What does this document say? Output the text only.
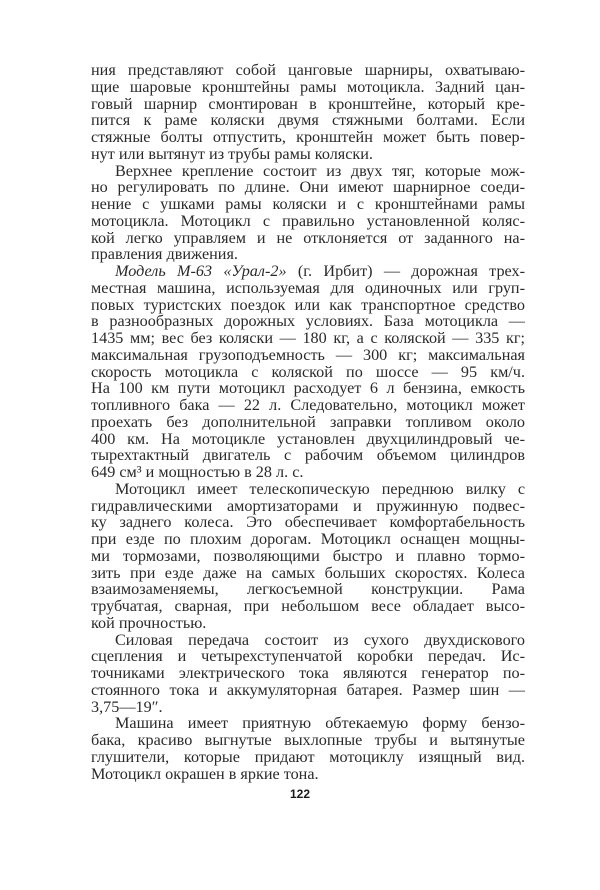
ния представляют собой цанговые шарниры, охватываю-
щие шаровые кронштейны рамы мотоцикла. Задний цан-
говый шарнир смонтирован в кронштейне, который кре-
пится к раме коляски двумя стяжными болтами. Если
стяжные болты отпустить, кронштейн может быть повер-
нут или вытянут из трубы рамы коляски.
Верхнее крепление состоит из двух тяг, которые мож-
но регулировать по длине. Они имеют шарнирное соеди-
нение с ушками рамы коляски и с кронштейнами рамы
мотоцикла. Мотоцикл с правильно установленной коляс-
кой легко управляем и не отклоняется от заданного на-
правления движения.
Модель М-63 «Урал-2» (г. Ирбит) — дорожная трех-
местная машина, используемая для одиночных или груп-
повых туристских поездок или как транспортное средство
в разнообразных дорожных условиях. База мотоцикла —
1435 мм; вес без коляски — 180 кг, а с коляской — 335 кг;
максимальная грузоподъемность — 300 кг; максимальная
скорость мотоцикла с коляской по шоссе — 95 км/ч.
На 100 км пути мотоцикл расходует 6 л бензина, емкость
топливного бака — 22 л. Следовательно, мотоцикл может
проехать без дополнительной заправки топливом около
400 км. На мотоцикле установлен двухцилиндровый че-
тырехтактный двигатель с рабочим объемом цилиндров
649 см³ и мощностью в 28 л. с.
Мотоцикл имеет телескопическую переднюю вилку с
гидравлическими амортизаторами и пружинную подвес-
ку заднего колеса. Это обеспечивает комфортабельность
при езде по плохим дорогам. Мотоцикл оснащен мощны-
ми тормозами, позволяющими быстро и плавно тормо-
зить при езде даже на самых больших скоростях. Колеса
взаимозаменяемы, легкосъемной конструкции. Рама
трубчатая, сварная, при небольшом весе обладает высо-
кой прочностью.
Силовая передача состоит из сухого двухдискового
сцепления и четырехступенчатой коробки передач. Ис-
точниками электрического тока являются генератор по-
стоянного тока и аккумуляторная батарея. Размер шин —
3,75—19″.
Машина имеет приятную обтекаемую форму бензо-
бака, красиво выгнутые выхлопные трубы и вытянутые
глушители, которые придают мотоциклу изящный вид.
Мотоцикл окрашен в яркие тона.
122
